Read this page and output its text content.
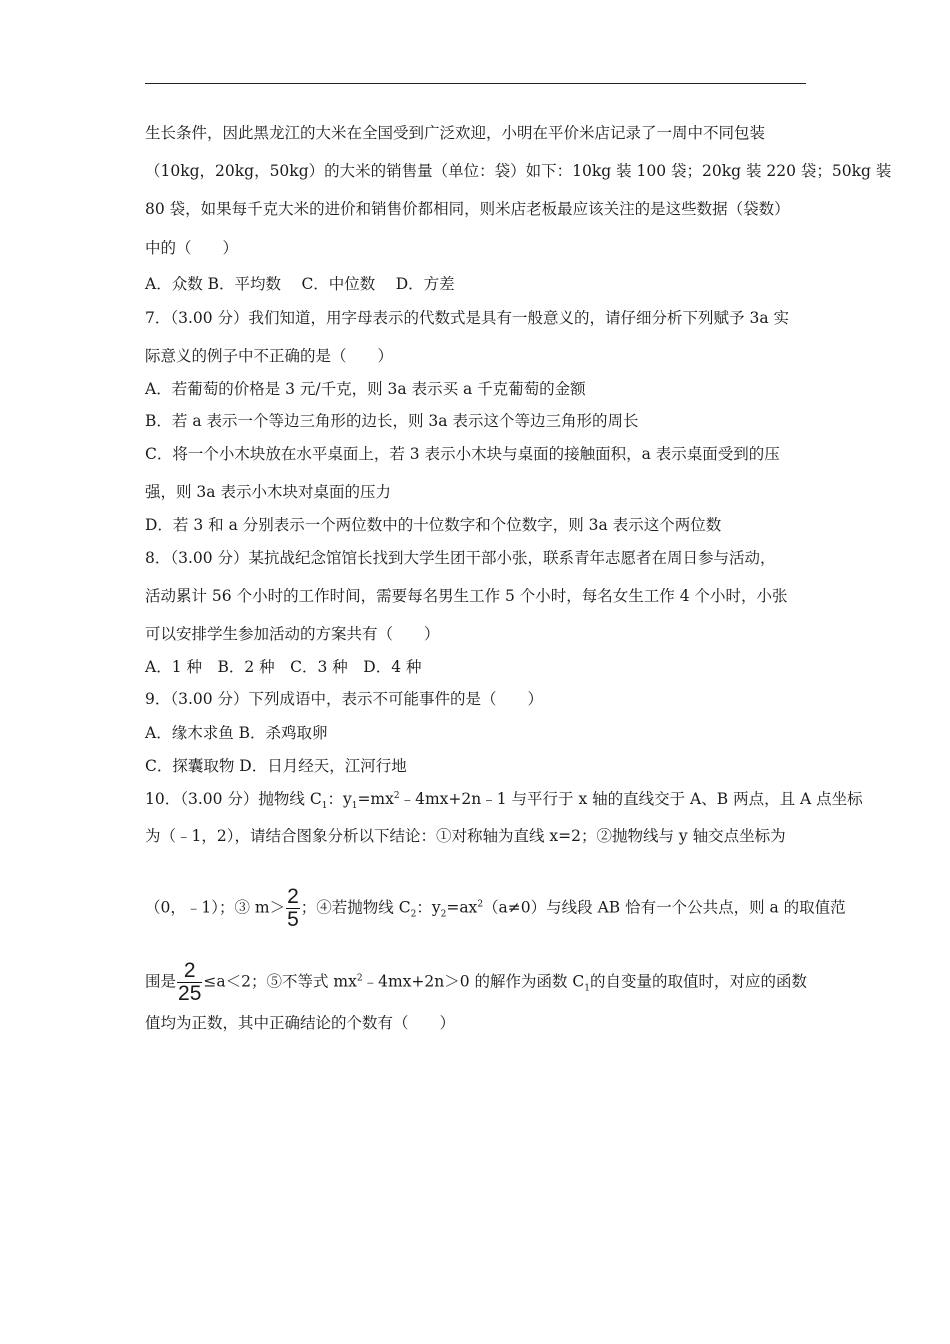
生长条件，因此黑龙江的大米在全国受到广泛欢迎，小明在平价米店记录了一周中不同包装
（10kg，20kg，50kg）的大米的销售量（单位：袋）如下：10kg 装 100 袋；20kg 装 220 袋；50kg 装
80 袋，如果每千克大米的进价和销售价都相同，则米店老板最应该关注的是这些数据（袋数）
中的（　　）
A．众数 B．平均数　 C．中位数　 D．方差
7．（3.00 分）我们知道，用字母表示的代数式是具有一般意义的，请仔细分析下列赋予 3a 实
际意义的例子中不正确的是（　　）
A．若葡萄的价格是 3 元/千克，则 3a 表示买 a 千克葡萄的金额
B．若 a 表示一个等边三角形的边长，则 3a 表示这个等边三角形的周长
C．将一个小木块放在水平桌面上，若 3 表示小木块与桌面的接触面积，a 表示桌面受到的压
强，则 3a 表示小木块对桌面的压力
D．若 3 和 a 分别表示一个两位数中的十位数字和个位数字，则 3a 表示这个两位数
8．（3.00 分）某抗战纪念馆馆长找到大学生团干部小张，联系青年志愿者在周日参与活动，
活动累计 56 个小时的工作时间，需要每名男生工作 5 个小时，每名女生工作 4 个小时，小张
可以安排学生参加活动的方案共有（　　）
A．1 种　B．2 种　C．3 种　D．4 种
9．（3.00 分）下列成语中，表示不可能事件的是（　　）
A．缘木求鱼 B．杀鸡取卵
C．探囊取物 D．日月经天，江河行地
10．（3.00 分）抛物线 $C_1$：$y_1=mx^2﹣4mx+2n﹣1$ 与平行于 x 轴的直线交于 A、B 两点，且 A 点坐标
为（﹣1，2），请结合图象分析以下结论：①对称轴为直线 x=2；②抛物线与 y 轴交点坐标为
（0，﹣1）；③ $m> \frac{2}{5}$ ；④若抛物线 $C_2$：$y_2=ax^2(a\ne 0)$与线段 AB 恰有一个公共点，则 a 的取值范
围是 $\frac{2}{25} \le a<2$；⑤不等式 $mx^2﹣4mx+2n>0$ 的解作为函数 $C_1$的自变量的取值时，对应的函数
值均为正数，其中正确结论的个数有（　　）
